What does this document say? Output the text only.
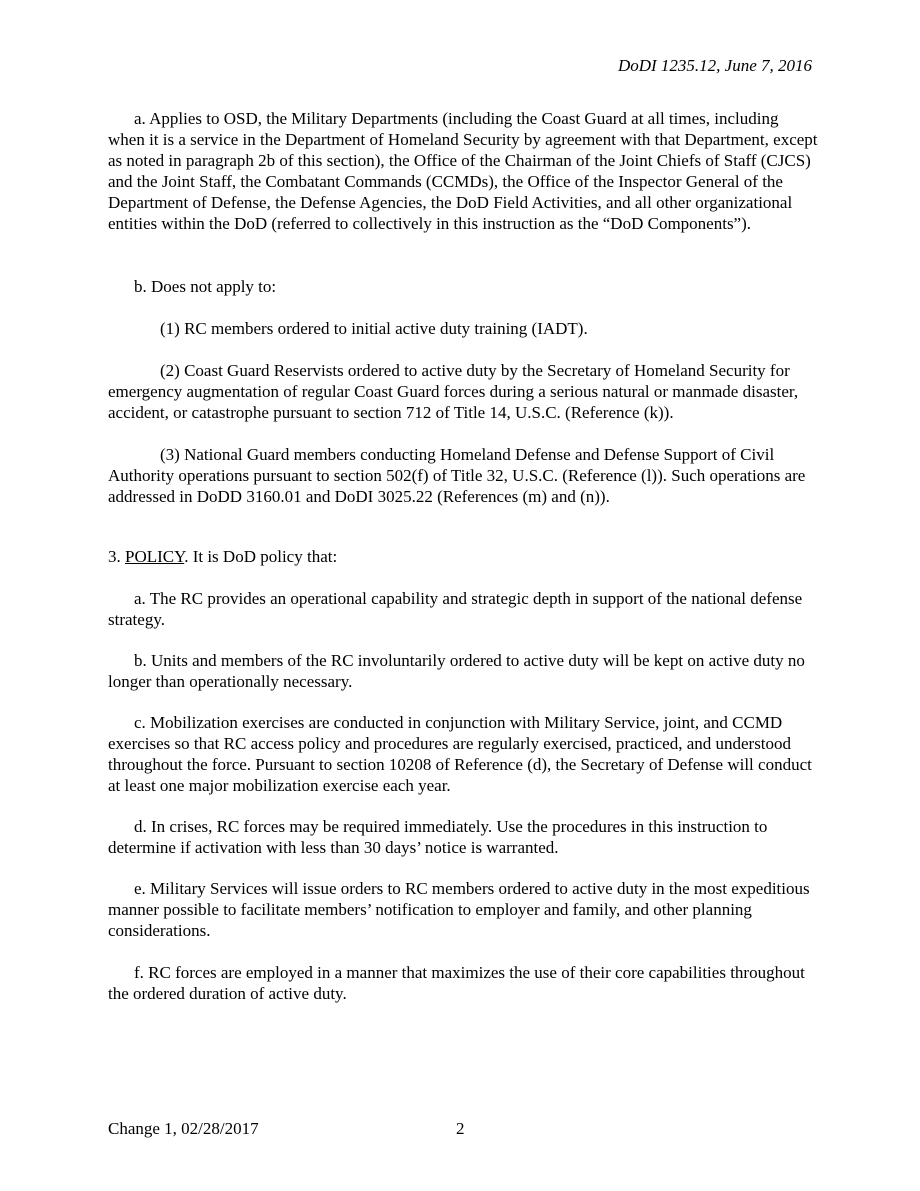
DoDI 1235.12, June 7, 2016

a. Applies to OSD, the Military Departments (including the Coast Guard at all times, including when it is a service in the Department of Homeland Security by agreement with that Department, except as noted in paragraph 2b of this section), the Office of the Chairman of the Joint Chiefs of Staff (CJCS) and the Joint Staff, the Combatant Commands (CCMDs), the Office of the Inspector General of the Department of Defense, the Defense Agencies, the DoD Field Activities, and all other organizational entities within the DoD (referred to collectively in this instruction as the “DoD Components”).

b. Does not apply to:

(1) RC members ordered to initial active duty training (IADT).

(2) Coast Guard Reservists ordered to active duty by the Secretary of Homeland Security for emergency augmentation of regular Coast Guard forces during a serious natural or manmade disaster, accident, or catastrophe pursuant to section 712 of Title 14, U.S.C. (Reference (k)).

(3) National Guard members conducting Homeland Defense and Defense Support of Civil Authority operations pursuant to section 502(f) of Title 32, U.S.C. (Reference (l)). Such operations are addressed in DoDD 3160.01 and DoDI 3025.22 (References (m) and (n)).

3. POLICY. It is DoD policy that:

a. The RC provides an operational capability and strategic depth in support of the national defense strategy.

b. Units and members of the RC involuntarily ordered to active duty will be kept on active duty no longer than operationally necessary.

c. Mobilization exercises are conducted in conjunction with Military Service, joint, and CCMD exercises so that RC access policy and procedures are regularly exercised, practiced, and understood throughout the force. Pursuant to section 10208 of Reference (d), the Secretary of Defense will conduct at least one major mobilization exercise each year.

d. In crises, RC forces may be required immediately. Use the procedures in this instruction to determine if activation with less than 30 days’ notice is warranted.

e. Military Services will issue orders to RC members ordered to active duty in the most expeditious manner possible to facilitate members’ notification to employer and family, and other planning considerations.

f. RC forces are employed in a manner that maximizes the use of their core capabilities throughout the ordered duration of active duty.

Change 1, 02/28/2017	2
